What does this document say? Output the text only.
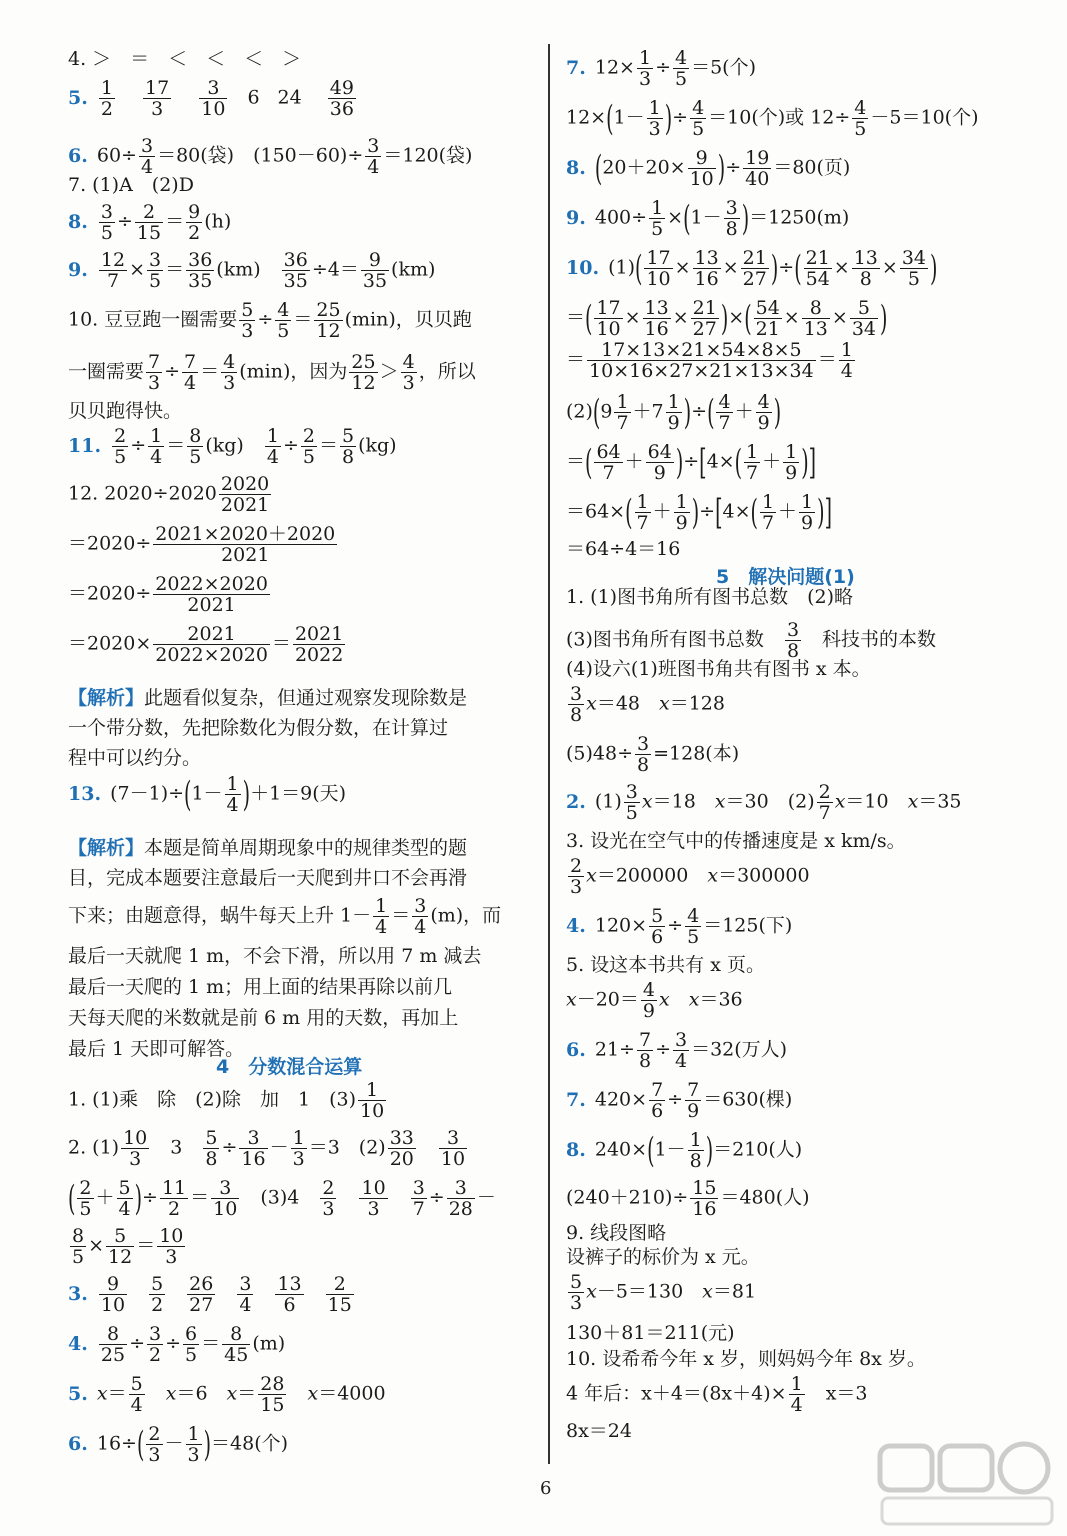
4. ＞　＝　＜　＜　＜　＞
5. $\frac{1}{2}$
$\frac{17}{3}$
$\frac{3}{10} 6$ $24 \frac{49}{36}$
6. $60\div \frac{3}{4} =80$(袋)　$(150-60)\div \frac{3}{4} =120$(袋)
7. (1)A　(2)D
8. $\frac{3}{5} \div \frac{2}{15} = \frac{9}{2} (h)$
9. $\frac{12}{7} \times \frac{3}{5} = \frac{36}{35} (km)$　 $\frac{36}{35} \div 4= \frac{9}{35} (km)$
10. 豆豆跑一圈需要 $\frac{5}{3} \div \frac{4}{5} = \frac{25}{12} (\min)$，贝贝跑
一圈需要 $\frac{7}{3} \div \frac{7}{4} = \frac{4}{3} (\min)$，因为 $\frac{25}{12} > \frac{4}{3}$ ，所以
贝贝跑得快。
11. $\frac{2}{5} \div \frac{1}{4} = \frac{8}{5} (kg)$　 $\frac{1}{4} \div \frac{2}{5} = \frac{5}{8} (kg)$
12. $2020\div 2020 \frac{2020}{2021}$
$=2020\div \frac{2021\times 2020+2020}{2021}$
$=2020\div \frac{2022\times 2020}{2021}$
$=2020\times \frac{2021}{2022\times 2020} = \frac{2021}{2022}$
【解析】此题看似复杂，但通过观察发现除数是
一个带分数，先把除数化为假分数，在计算过
程中可以约分。
13. $(7-1)\div(1- \frac{1}{4} )+1=9$(天)
【解析】本题是简单周期现象中的规律类型的题
目，完成本题要注意最后一天爬到井口不会再滑
下来；由题意得，蜗牛每天上升 $1- \frac{1}{4} = \frac{3}{4} (m)$，而
最后一天就爬 1 m，不会下滑，所以用 7 m 减去
最后一天爬的 1 m；用上面的结果再除以前几
天每天爬的米数就是前 6 m 用的天数，再加上
最后 1 天即可解答。
4　分数混合运算
1. (1)乘　除　(2)除　加　1　$(3) \frac{1}{10}$
2. $(1) \frac{10}{3}$ 　3　 $\frac{5}{8} \div \frac{3}{16} - \frac{1}{3} =3$　$(2) \frac{33}{20}$
　 $\frac{3}{10}$
( $\frac{2}{5} + \frac{5}{4}$ )÷ $\frac{11}{2} = \frac{3}{10}$ 　(3)4　 $\frac{2}{3}$
　 $\frac{10}{3}$
　 $\frac{3}{7} \div \frac{3}{28}$ －
$\frac{8}{5} \times \frac{5}{12} = \frac{10}{3}$
3. $\frac{9}{10} \frac{5}{2} \frac{26}{27} \frac{3}{4} \frac{13}{6} \frac{2}{15}$
4. $\frac{8}{25} \div \frac{3}{2} \div \frac{6}{5} = \frac{8}{45} (m)$
5. $x= \frac{5}{4}$
　 x＝6　$x= \frac{28}{15}$
　 x＝4000
6. $16\div( \frac{2}{3} - \frac{1}{3} )=48$(个)
7. $12\times \frac{1}{3} \div \frac{4}{5} =5$(个)
$12\times(1- \frac{1}{3}$ )÷ $\frac{4}{5} =10$(个)或 $12\div \frac{4}{5} -5=10$(个)
8. ($20+20\times \frac{9}{10}$ )÷ $\frac{19}{40} =80$(页)
9. $400\div \frac{1}{5} \times(1- \frac{3}{8} )=1250(m)$
10. $(1)( \frac{17}{10} \times \frac{13}{16} \times \frac{21}{27}$ )÷( $\frac{21}{54} \times \frac{13}{8} \times \frac{34}{5}$ )
＝( $\frac{17}{10} \times \frac{13}{16} \times \frac{21}{27}$ )×( $\frac{54}{21} \times \frac{8}{13} \times \frac{5}{34}$ )
＝ $\frac{17\times 13\times 21\times 54\times 8\times 5}{10\times 16\times 27\times 21\times 13\times 34} = \frac{1}{4}$
$(2)(9 \frac{1}{7} +7 \frac{1}{9}$ )÷( $\frac{4}{7} + \frac{4}{9}$ )
＝( $\frac{64}{7} + \frac{64}{9} )\div[4\times( \frac{1}{7} + \frac{1}{9}$ )]
$=64\times( \frac{1}{7} + \frac{1}{9} )\div[4\times( \frac{1}{7} + \frac{1}{9}$ )]
＝64÷4＝16
5　解决问题(1)
1. (1)图书角所有图书总数　(2)略
(3)图书角所有图书总数　 $\frac{3}{8}$
　 科技书的本数
(4)设六(1)班图书角共有图书 x 本。
$\frac{3}{8} x=48$　x＝128
$(5)48\div \frac{3}{8} =128$(本)
2. $(1) \frac{3}{5} x=18$　x＝30　$(2) \frac{2}{7} x=10$　x＝35
3. 设光在空气中的传播速度是 x km/s。
$\frac{2}{3} x=200000$　x＝300000
4. $120\times \frac{5}{6} \div \frac{4}{5} =125$(下)
5. 设这本书共有 x 页。
$x-20= \frac{4}{9}$ x　 x＝36
6. $21\div \frac{7}{8} \div \frac{3}{4} =32$(万人)
7. $420\times \frac{7}{6} \div \frac{7}{9} =630$(棵)
8. $240\times(1- \frac{1}{8} )=210$(人)
$(240+210)\div \frac{15}{16} =480$(人)
9. 线段图略
设裤子的标价为 x 元。
$\frac{5}{3} x-5=130$　x＝81
130＋81＝211(元)
10. 设希希今年 x 岁，则妈妈今年 8x 岁。
4 年后：$x+4=(8x+4)\times \frac{1}{4}$
　 x＝3
8x＝24
6
